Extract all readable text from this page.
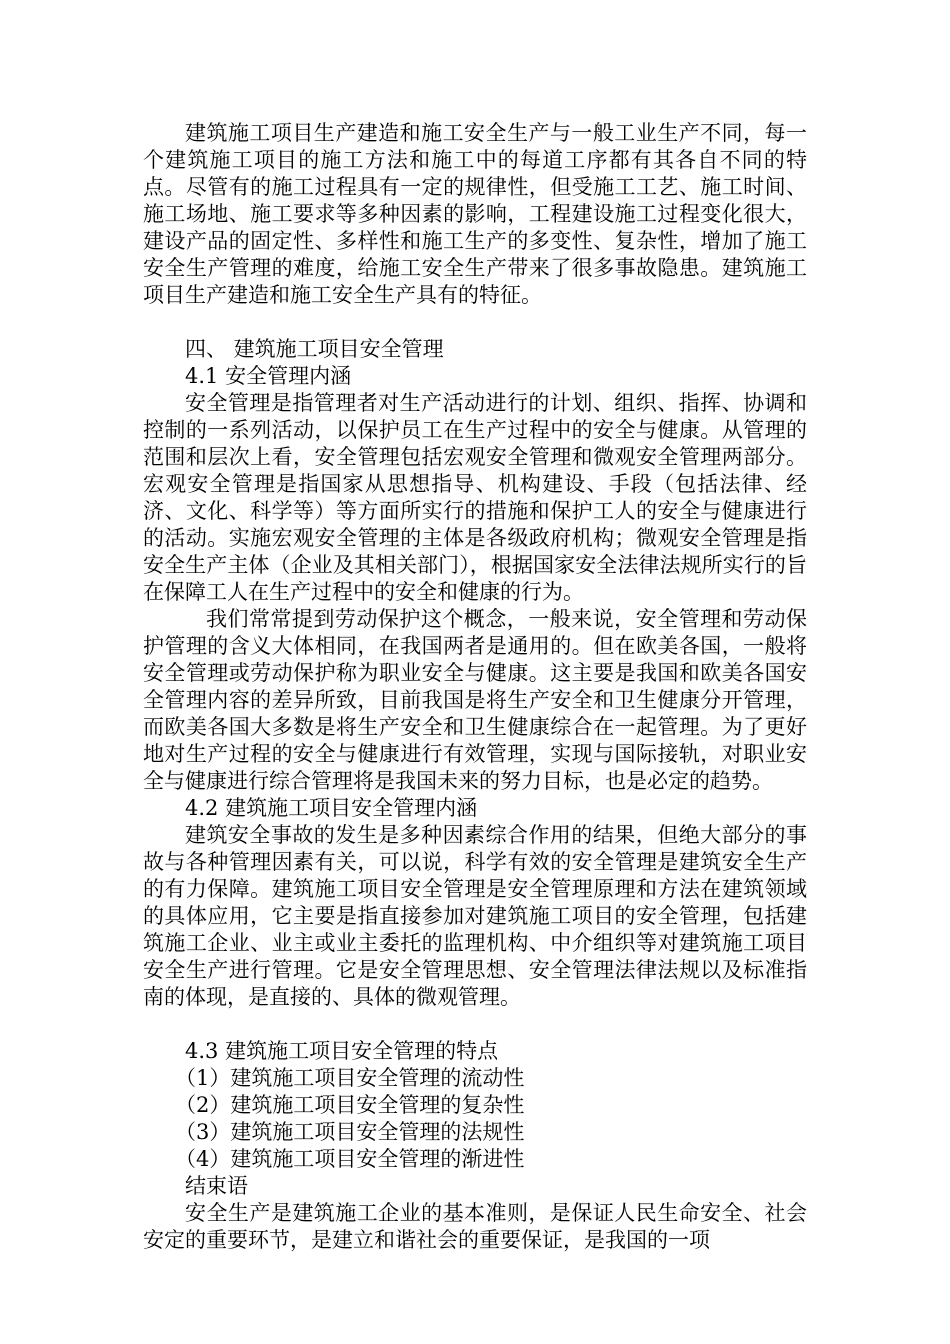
建筑施工项目生产建造和施工安全生产与一般工业生产不同，每一个建筑施工项目的施工方法和施工中的每道工序都有其各自不同的特点。尽管有的施工过程具有一定的规律性，但受施工工艺、施工时间、施工场地、施工要求等多种因素的影响，工程建设施工过程变化很大，建设产品的固定性、多样性和施工生产的多变性、复杂性，增加了施工安全生产管理的难度，给施工安全生产带来了很多事故隐患。建筑施工项目生产建造和施工安全生产具有的特征。

四、 建筑施工项目安全管理

4.1 安全管理内涵

安全管理是指管理者对生产活动进行的计划、组织、指挥、协调和控制的一系列活动，以保护员工在生产过程中的安全与健康。从管理的范围和层次上看，安全管理包括宏观安全管理和微观安全管理两部分。宏观安全管理是指国家从思想指导、机构建设、手段（包括法律、经济、文化、科学等）等方面所实行的措施和保护工人的安全与健康进行的活动。实施宏观安全管理的主体是各级政府机构；微观安全管理是指安全生产主体（企业及其相关部门），根据国家安全法律法规所实行的旨在保障工人在生产过程中的安全和健康的行为。

我们常常提到劳动保护这个概念，一般来说，安全管理和劳动保护管理的含义大体相同，在我国两者是通用的。但在欧美各国，一般将安全管理或劳动保护称为职业安全与健康。这主要是我国和欧美各国安全管理内容的差异所致，目前我国是将生产安全和卫生健康分开管理，而欧美各国大多数是将生产安全和卫生健康综合在一起管理。为了更好地对生产过程的安全与健康进行有效管理，实现与国际接轨，对职业安全与健康进行综合管理将是我国未来的努力目标，也是必定的趋势。

4.2 建筑施工项目安全管理内涵

建筑安全事故的发生是多种因素综合作用的结果，但绝大部分的事故与各种管理因素有关，可以说，科学有效的安全管理是建筑安全生产的有力保障。建筑施工项目安全管理是安全管理原理和方法在建筑领域的具体应用，它主要是指直接参加对建筑施工项目的安全管理，包括建筑施工企业、业主或业主委托的监理机构、中介组织等对建筑施工项目安全生产进行管理。它是安全管理思想、安全管理法律法规以及标准指南的体现，是直接的、具体的微观管理。

4.3 建筑施工项目安全管理的特点

（1）建筑施工项目安全管理的流动性

（2）建筑施工项目安全管理的复杂性

（3）建筑施工项目安全管理的法规性

（4）建筑施工项目安全管理的渐进性

结束语

安全生产是建筑施工企业的基本准则，是保证人民生命安全、社会安定的重要环节，是建立和谐社会的重要保证，是我国的一项
